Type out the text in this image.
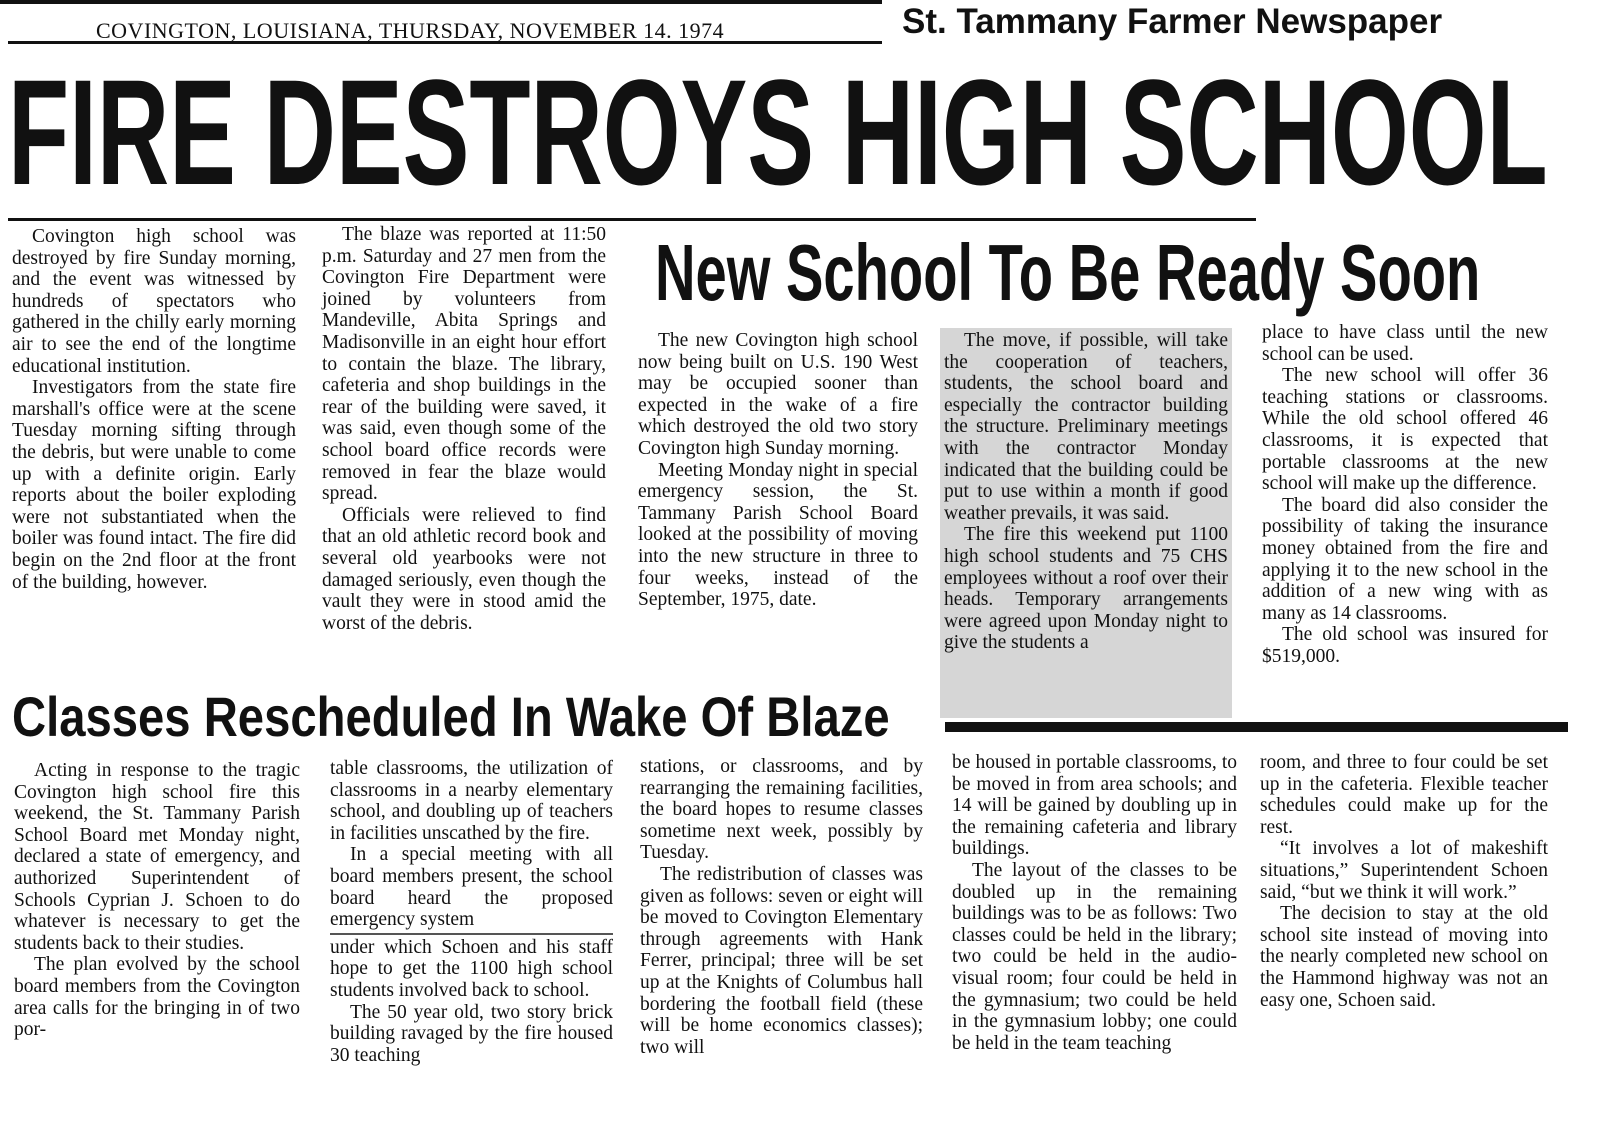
COVINGTON, LOUISIANA, THURSDAY, NOVEMBER 14. 1974	St. Tammany Farmer Newspaper
FIRE DESTROYS HIGH SCHOOL

Covington high school was destroyed by fire Sunday morning, and the event was witnessed by hundreds of spectators who gathered in the chilly early morning air to see the end of the longtime educational institution.

Investigators from the state fire marshall's office were at the scene Tuesday morning sifting through the debris, but were unable to come up with a definite origin. Early reports about the boiler exploding were not substantiated when the boiler was found intact. The fire did begin on the 2nd floor at the front of the building, however.

The blaze was reported at 11:50 p.m. Saturday and 27 men from the Covington Fire Department were joined by volunteers from Mandeville, Abita Springs and Madisonville in an eight hour effort to contain the blaze. The library, cafeteria and shop buildings in the rear of the building were saved, it was said, even though some of the school board office records were removed in fear the blaze would spread.

Officials were relieved to find that an old athletic record book and several old yearbooks were not damaged seriously, even though the vault they were in stood amid the worst of the debris.

New School To Be Ready Soon

The new Covington high school now being built on U.S. 190 West may be occupied sooner than expected in the wake of a fire which destroyed the old two story Covington high Sunday morning.

Meeting Monday night in special emergency session, the St. Tammany Parish School Board looked at the possibility of moving into the new structure in three to four weeks, instead of the September, 1975, date.

The move, if possible, will take the cooperation of teachers, students, the school board and especially the contractor building the structure. Preliminary meetings with the contractor Monday indicated that the building could be put to use within a month if good weather prevails, it was said.

The fire this weekend put 1100 high school students and 75 CHS employees without a roof over their heads. Temporary arrangements were agreed upon Monday night to give the students a

place to have class until the new school can be used.

The new school will offer 36 teaching stations or classrooms. While the old school offered 46 classrooms, it is expected that portable classrooms at the new school will make up the difference.

The board did also consider the possibility of taking the insurance money obtained from the fire and applying it to the new school in the addition of a new wing with as many as 14 classrooms.

The old school was insured for $519,000.

Classes Rescheduled In Wake Of Blaze

Acting in response to the tragic Covington high school fire this weekend, the St. Tammany Parish School Board met Monday night, declared a state of emergency, and authorized Superintendent of Schools Cyprian J. Schoen to do whatever is necessary to get the students back to their studies.

The plan evolved by the school board members from the Covington area calls for the bringing in of two por-

table classrooms, the utilization of classrooms in a nearby elementary school, and doubling up of teachers in facilities unscathed by the fire.

In a special meeting with all board members present, the school board heard the proposed emergency system

under which Schoen and his staff hope to get the 1100 high school students involved back to school.

The 50 year old, two story brick building ravaged by the fire housed 30 teaching

stations, or classrooms, and by rearranging the remaining facilities, the board hopes to resume classes sometime next week, possibly by Tuesday.

The redistribution of classes was given as follows: seven or eight will be moved to Covington Elementary through agreements with Hank Ferrer, principal; three will be set up at the Knights of Columbus hall bordering the football field (these will be home economics classes); two will

be housed in portable classrooms, to be moved in from area schools; and 14 will be gained by doubling up in the remaining cafeteria and library buildings.

The layout of the classes to be doubled up in the remaining buildings was to be as follows: Two classes could be held in the library; two could be held in the audio-visual room; four could be held in the gymnasium; two could be held in the gymnasium lobby; one could be held in the team teaching

room, and three to four could be set up in the cafeteria. Flexible teacher schedules could make up for the rest.

“It involves a lot of makeshift situations,” Superintendent Schoen said, “but we think it will work.”

The decision to stay at the old school site instead of moving into the nearly completed new school on the Hammond highway was not an easy one, Schoen said.
